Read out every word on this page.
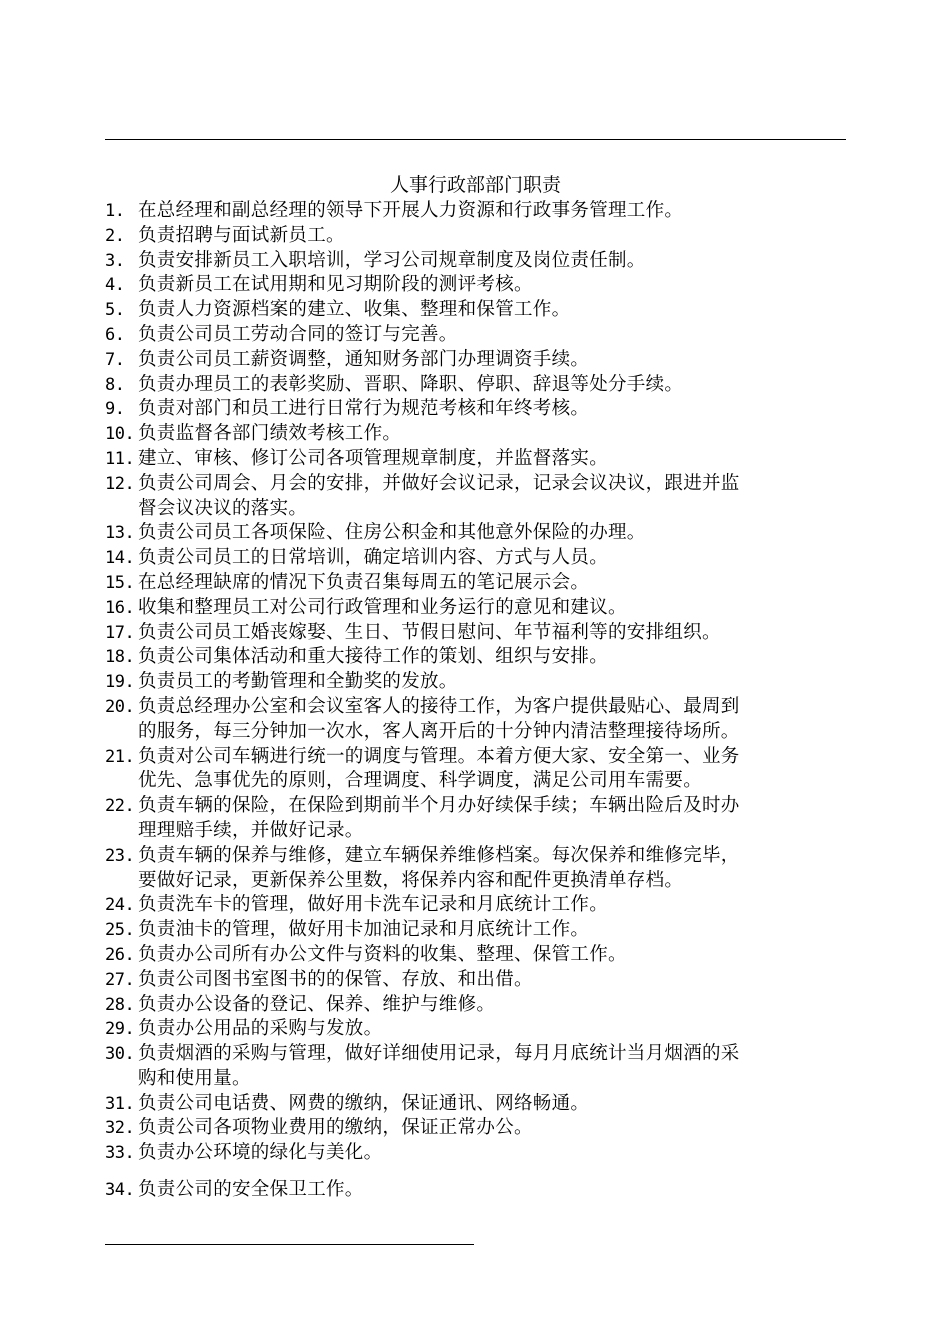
人事行政部部门职责
1. 在总经理和副总经理的领导下开展人力资源和行政事务管理工作。
2. 负责招聘与面试新员工。
3. 负责安排新员工入职培训，学习公司规章制度及岗位责任制。
4. 负责新员工在试用期和见习期阶段的测评考核。
5. 负责人力资源档案的建立、收集、整理和保管工作。
6. 负责公司员工劳动合同的签订与完善。
7. 负责公司员工薪资调整，通知财务部门办理调资手续。
8. 负责办理员工的表彰奖励、晋职、降职、停职、辞退等处分手续。
9. 负责对部门和员工进行日常行为规范考核和年终考核。
10. 负责监督各部门绩效考核工作。
11. 建立、审核、修订公司各项管理规章制度，并监督落实。
12. 负责公司周会、月会的安排，并做好会议记录，记录会议决议，跟进并监
督会议决议的落实。
13. 负责公司员工各项保险、住房公积金和其他意外保险的办理。
14. 负责公司员工的日常培训，确定培训内容、方式与人员。
15. 在总经理缺席的情况下负责召集每周五的笔记展示会。
16. 收集和整理员工对公司行政管理和业务运行的意见和建议。
17. 负责公司员工婚丧嫁娶、生日、节假日慰问、年节福利等的安排组织。
18. 负责公司集体活动和重大接待工作的策划、组织与安排。
19. 负责员工的考勤管理和全勤奖的发放。
20. 负责总经理办公室和会议室客人的接待工作，为客户提供最贴心、最周到
的服务，每三分钟加一次水，客人离开后的十分钟内清洁整理接待场所。
21. 负责对公司车辆进行统一的调度与管理。本着方便大家、安全第一、业务
优先、急事优先的原则，合理调度、科学调度，满足公司用车需要。
22. 负责车辆的保险，在保险到期前半个月办好续保手续；车辆出险后及时办
理理赔手续，并做好记录。
23. 负责车辆的保养与维修，建立车辆保养维修档案。每次保养和维修完毕，
要做好记录，更新保养公里数，将保养内容和配件更换清单存档。
24. 负责洗车卡的管理，做好用卡洗车记录和月底统计工作。
25. 负责油卡的管理，做好用卡加油记录和月底统计工作。
26. 负责办公司所有办公文件与资料的收集、整理、保管工作。
27. 负责公司图书室图书的的保管、存放、和出借。
28. 负责办公设备的登记、保养、维护与维修。
29. 负责办公用品的采购与发放。
30. 负责烟酒的采购与管理，做好详细使用记录，每月月底统计当月烟酒的采
购和使用量。
31. 负责公司电话费、网费的缴纳，保证通讯、网络畅通。
32. 负责公司各项物业费用的缴纳，保证正常办公。
33. 负责办公环境的绿化与美化。
34. 负责公司的安全保卫工作。
